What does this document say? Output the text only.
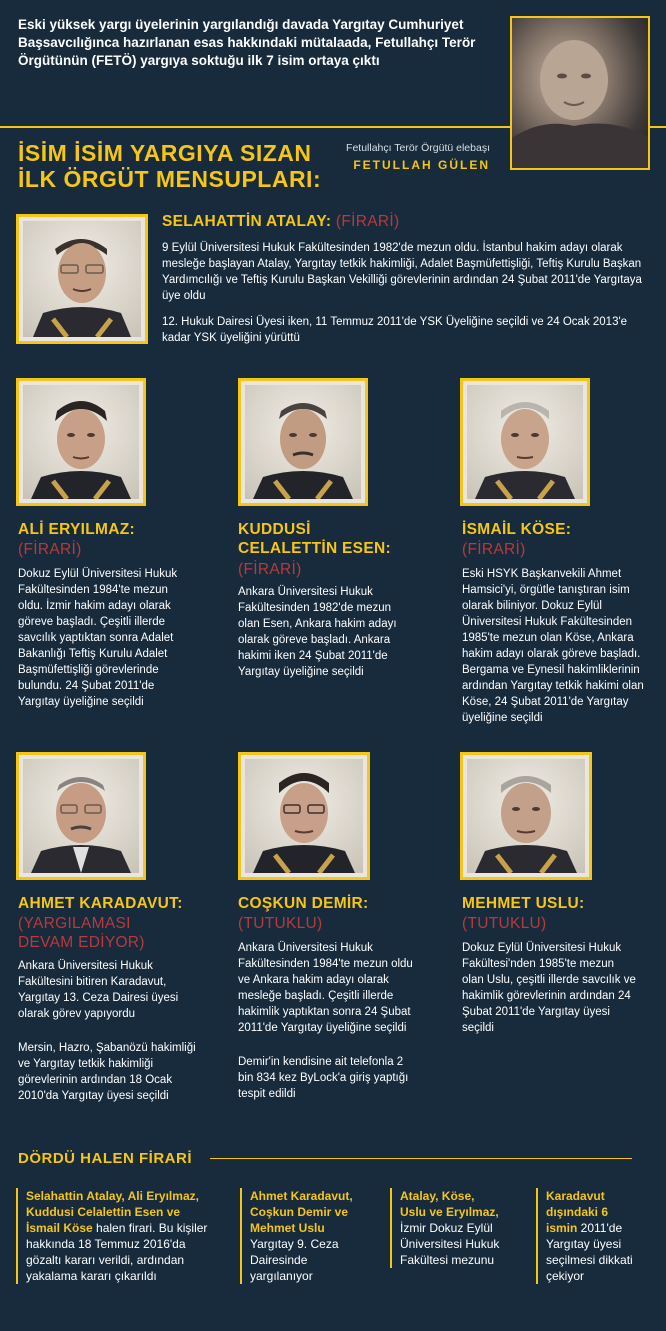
Eski yüksek yargı üyelerinin yargılandığı davada Yargıtay Cumhuriyet Başsavcılığınca hazırlanan esas hakkındaki mütalaada, Fetullahçı Terör Örgütünün (FETÖ) yargıya soktuğu ilk 7 isim ortaya çıktı
İSİM İSİM YARGIYA SIZAN
İLK ÖRGÜT MENSUPLARI:
Fetullahçı Terör Örgütü elebaşı
FETULLAH GÜLEN
SELAHATTİN ATALAY: (FİRARİ)

9 Eylül Üniversitesi Hukuk Fakültesinden 1982'de mezun oldu. İstanbul hakim adayı olarak mesleğe başlayan Atalay, Yargıtay tetkik hakimliği, Adalet Başmüfettişliği, Teftiş Kurulu Başkan Yardımcılığı ve Teftiş Kurulu Başkan Vekilliği görevlerinin ardından 24 Şubat 2011'de Yargıtaya üye oldu

12. Hukuk Dairesi Üyesi iken, 11 Temmuz 2011'de YSK Üyeliğine seçildi ve 24 Ocak 2013'e kadar YSK üyeliğini yürüttü

ALİ ERYILMAZ:
(FİRARİ)

Dokuz Eylül Üniversitesi Hukuk Fakültesinden 1984'te mezun oldu. İzmir hakim adayı olarak göreve başladı. Çeşitli illerde savcılık yaptıktan sonra Adalet Bakanlığı Teftiş Kurulu Adalet Başmüfettişliği görevlerinde bulundu. 24 Şubat 2011'de Yargıtay üyeliğine seçildi

KUDDUSİ
CELALETTİN ESEN:
(FİRARİ)

Ankara Üniversitesi Hukuk Fakültesinden 1982'de mezun olan Esen, Ankara hakim adayı olarak göreve başladı. Ankara hakimi iken 24 Şubat 2011'de Yargıtay üyeliğine seçildi

İSMAİL KÖSE:
(FİRARİ)

Eski HSYK Başkanvekili Ahmet Hamsici'yi, örgütle tanıştıran isim olarak biliniyor. Dokuz Eylül Üniversitesi Hukuk Fakültesinden 1985'te mezun olan Köse, Ankara hakim adayı olarak göreve başladı. Bergama ve Eynesil hakimliklerinin ardından Yargıtay tetkik hakimi olan Köse, 24 Şubat 2011'de Yargıtay üyeliğine seçildi

AHMET KARADAVUT:
(YARGILAMASI
DEVAM EDİYOR)

Ankara Üniversitesi Hukuk Fakültesini bitiren Karadavut, Yargıtay 13. Ceza Dairesi üyesi olarak görev yapıyordu

Mersin, Hazro, Şabanözü hakimliği ve Yargıtay tetkik hakimliği görevlerinin ardından 18 Ocak 2010'da Yargıtay üyesi seçildi

COŞKUN DEMİR:
(TUTUKLU)

Ankara Üniversitesi Hukuk Fakültesinden 1984'te mezun oldu ve Ankara hakim adayı olarak mesleğe başladı. Çeşitli illerde hakimlik yaptıktan sonra 24 Şubat 2011'de Yargıtay üyeliğine seçildi

Demir'in kendisine ait telefonla 2 bin 834 kez ByLock'a giriş yaptığı tespit edildi

MEHMET USLU:
(TUTUKLU)

Dokuz Eylül Üniversitesi Hukuk Fakültesi'nden 1985'te mezun olan Uslu, çeşitli illerde savcılık ve hakimlik görevlerinin ardından 24 Şubat 2011'de Yargıtay üyesi seçildi

DÖRDÜ HALEN FİRARİ
Selahattin Atalay, Ali Eryılmaz, Kuddusi Celalettin Esen ve İsmail Köse halen firari. Bu kişiler hakkında 18 Temmuz 2016'da gözaltı kararı verildi, ardından yakalama kararı çıkarıldı
Ahmet Karadavut, Coşkun Demir ve Mehmet Uslu Yargıtay 9. Ceza Dairesinde yargılanıyor
Atalay, Köse, Uslu ve Eryılmaz, İzmir Dokuz Eylül Üniversitesi Hukuk Fakültesi mezunu
Karadavut dışındaki 6 ismin 2011'de Yargıtay üyesi seçilmesi dikkati çekiyor
